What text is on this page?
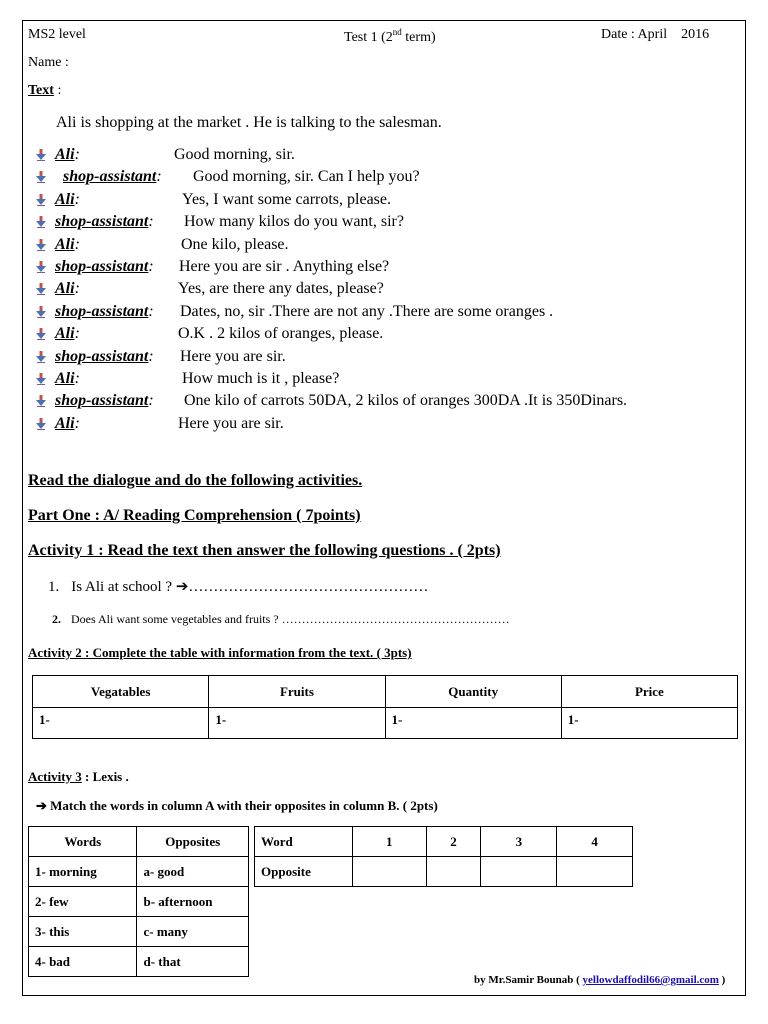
MS2 level	Test 1 (2nd term)	Date : April 2016
Name :
Text :
Ali is shopping at the market . He is talking to the salesman.
Ali :	Good morning, sir.
shop-assistant : Good morning, sir. Can I help you?
Ali :	Yes, I want some carrots, please.
shop-assistant : How many kilos do you want, sir?
Ali :	One kilo, please.
shop-assistant : Here you are sir . Anything else?
Ali :	Yes, are there any dates, please?
shop-assistant : Dates, no, sir .There are not any .There are some oranges .
Ali :	O.K . 2 kilos of oranges, please.
shop-assistant : Here you are sir.
Ali :	How much is it , please?
shop-assistant : One kilo of carrots 50DA, 2 kilos of oranges 300DA .It is 350Dinars.
Ali :	Here you are sir.
Read the dialogue and do the following activities.
Part One : A/ Reading Comprehension ( 7points)
Activity 1 : Read the text then answer the following questions . ( 2pts)
1. Is Ali at school ? ➔…………………………………………
2. Does Ali want some vegetables and fruits ? …………………………………………………
Activity 2 : Complete the table with information from the text. ( 3pts)
Vegatables	Fruits	Quantity	Price
1-	1-	1-	1-
Activity 3 : Lexis .
➔ Match the words in column A with their opposites in column B. ( 2pts)
Words	Opposites
1- morning	a- good
2- few	b- afternoon
3- this	c- many
4- bad	d- that
Word	1	2	3	4
Opposite				
by Mr.Samir Bounab ( yellowdaffodil66@gmail.com )
